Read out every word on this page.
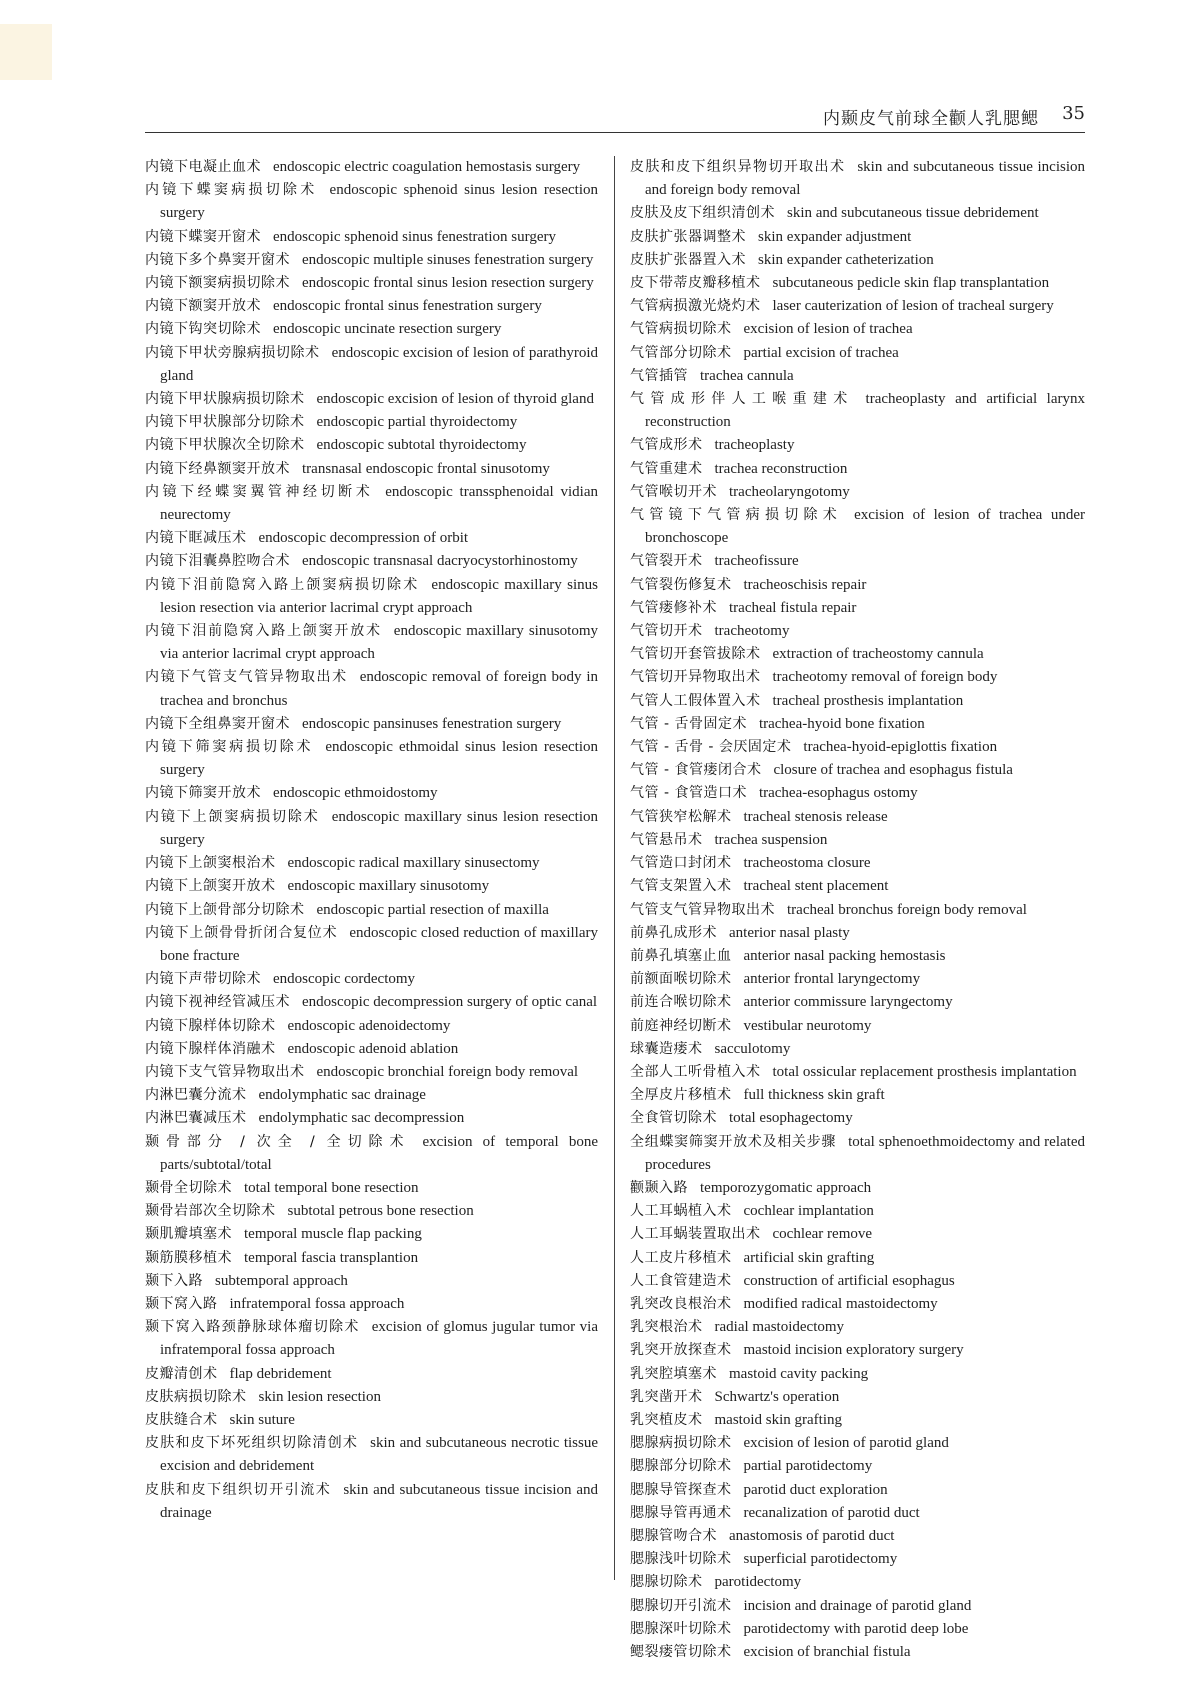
内颞皮气前球全颧人乳腮鳃 35
内镜下电凝止血术 endoscopic electric coagulation hemostasis surgery
内镜下蝶窦病损切除术 endoscopic sphenoid sinus lesion resection surgery
内镜下蝶窦开窗术 endoscopic sphenoid sinus fenestration surgery
内镜下多个鼻窦开窗术 endoscopic multiple sinuses fenestration surgery
内镜下额窦病损切除术 endoscopic frontal sinus lesion resection surgery
内镜下额窦开放术 endoscopic frontal sinus fenestration surgery
内镜下钩突切除术 endoscopic uncinate resection surgery
内镜下甲状旁腺病损切除术 endoscopic excision of lesion of parathyroid gland
内镜下甲状腺病损切除术 endoscopic excision of lesion of thyroid gland
内镜下甲状腺部分切除术 endoscopic partial thyroidectomy
内镜下甲状腺次全切除术 endoscopic subtotal thyroidectomy
内镜下经鼻额窦开放术 transnasal endoscopic frontal sinusotomy
内镜下经蝶窦翼管神经切断术 endoscopic transsphenoidal vidian neurectomy
内镜下眶减压术 endoscopic decompression of orbit
内镜下泪囊鼻腔吻合术 endoscopic transnasal dacryocystorhinostomy
内镜下泪前隐窝入路上颌窦病损切除术 endoscopic maxillary sinus lesion resection via anterior lacrimal crypt approach
内镜下泪前隐窝入路上颌窦开放术 endoscopic maxillary sinusotomy via anterior lacrimal crypt approach
内镜下气管支气管异物取出术 endoscopic removal of foreign body in trachea and bronchus
内镜下全组鼻窦开窗术 endoscopic pansinuses fenestration surgery
内镜下筛窦病损切除术 endoscopic ethmoidal sinus lesion resection surgery
内镜下筛窦开放术 endoscopic ethmoidostomy
内镜下上颌窦病损切除术 endoscopic maxillary sinus lesion resection surgery
内镜下上颌窦根治术 endoscopic radical maxillary sinusectomy
内镜下上颌窦开放术 endoscopic maxillary sinusotomy
内镜下上颌骨部分切除术 endoscopic partial resection of maxilla
内镜下上颌骨骨折闭合复位术 endoscopic closed reduction of maxillary bone fracture
内镜下声带切除术 endoscopic cordectomy
内镜下视神经管减压术 endoscopic decompression surgery of optic canal
内镜下腺样体切除术 endoscopic adenoidectomy
内镜下腺样体消融术 endoscopic adenoid ablation
内镜下支气管异物取出术 endoscopic bronchial foreign body removal
内淋巴囊分流术 endolymphatic sac drainage
内淋巴囊减压术 endolymphatic sac decompression
颞骨部分 / 次全 / 全切除术 excision of temporal bone parts/subtotal/total
颞骨全切除术 total temporal bone resection
颞骨岩部次全切除术 subtotal petrous bone resection
颞肌瓣填塞术 temporal muscle flap packing
颞筋膜移植术 temporal fascia transplantion
颞下入路 subtemporal approach
颞下窝入路 infratemporal fossa approach
颞下窝入路颈静脉球体瘤切除术 excision of glomus jugular tumor via infratemporal fossa approach
皮瓣清创术 flap debridement
皮肤病损切除术 skin lesion resection
皮肤缝合术 skin suture
皮肤和皮下坏死组织切除清创术 skin and subcutaneous necrotic tissue excision and debridement
皮肤和皮下组织切开引流术 skin and subcutaneous tissue incision and drainage
皮肤和皮下组织异物切开取出术 skin and subcutaneous tissue incision and foreign body removal
皮肤及皮下组织清创术 skin and subcutaneous tissue debridement
皮肤扩张器调整术 skin expander adjustment
皮肤扩张器置入术 skin expander catheterization
皮下带蒂皮瓣移植术 subcutaneous pedicle skin flap transplantation
气管病损激光烧灼术 laser cauterization of lesion of tracheal surgery
气管病损切除术 excision of lesion of trachea
气管部分切除术 partial excision of trachea
气管插管 trachea cannula
气管成形伴人工喉重建术 tracheoplasty and artificial larynx reconstruction
气管成形术 tracheoplasty
气管重建术 trachea reconstruction
气管喉切开术 tracheolaryngotomy
气管镜下气管病损切除术 excision of lesion of trachea under bronchoscope
气管裂开术 tracheofissure
气管裂伤修复术 tracheoschisis repair
气管瘘修补术 tracheal fistula repair
气管切开术 tracheotomy
气管切开套管拔除术 extraction of tracheostomy cannula
气管切开异物取出术 tracheotomy removal of foreign body
气管人工假体置入术 tracheal prosthesis implantation
气管 - 舌骨固定术 trachea-hyoid bone fixation
气管 - 舌骨 - 会厌固定术 trachea-hyoid-epiglottis fixation
气管 - 食管瘘闭合术 closure of trachea and esophagus fistula
气管 - 食管造口术 trachea-esophagus ostomy
气管狭窄松解术 tracheal stenosis release
气管悬吊术 trachea suspension
气管造口封闭术 tracheostoma closure
气管支架置入术 tracheal stent placement
气管支气管异物取出术 tracheal bronchus foreign body removal
前鼻孔成形术 anterior nasal plasty
前鼻孔填塞止血 anterior nasal packing hemostasis
前额面喉切除术 anterior frontal laryngectomy
前连合喉切除术 anterior commissure laryngectomy
前庭神经切断术 vestibular neurotomy
球囊造瘘术 sacculotomy
全部人工听骨植入术 total ossicular replacement prosthesis implantation
全厚皮片移植术 full thickness skin graft
全食管切除术 total esophagectomy
全组蝶窦筛窦开放术及相关步骤 total sphenoethmoidectomy and related procedures
颧颞入路 temporozygomatic approach
人工耳蜗植入术 cochlear implantation
人工耳蜗装置取出术 cochlear remove
人工皮片移植术 artificial skin grafting
人工食管建造术 construction of artificial esophagus
乳突改良根治术 modified radical mastoidectomy
乳突根治术 radial mastoidectomy
乳突开放探查术 mastoid incision exploratory surgery
乳突腔填塞术 mastoid cavity packing
乳突凿开术 Schwartz's operation
乳突植皮术 mastoid skin grafting
腮腺病损切除术 excision of lesion of parotid gland
腮腺部分切除术 partial parotidectomy
腮腺导管探查术 parotid duct exploration
腮腺导管再通术 recanalization of parotid duct
腮腺管吻合术 anastomosis of parotid duct
腮腺浅叶切除术 superficial parotidectomy
腮腺切除术 parotidectomy
腮腺切开引流术 incision and drainage of parotid gland
腮腺深叶切除术 parotidectomy with parotid deep lobe
鳃裂瘘管切除术 excision of branchial fistula
